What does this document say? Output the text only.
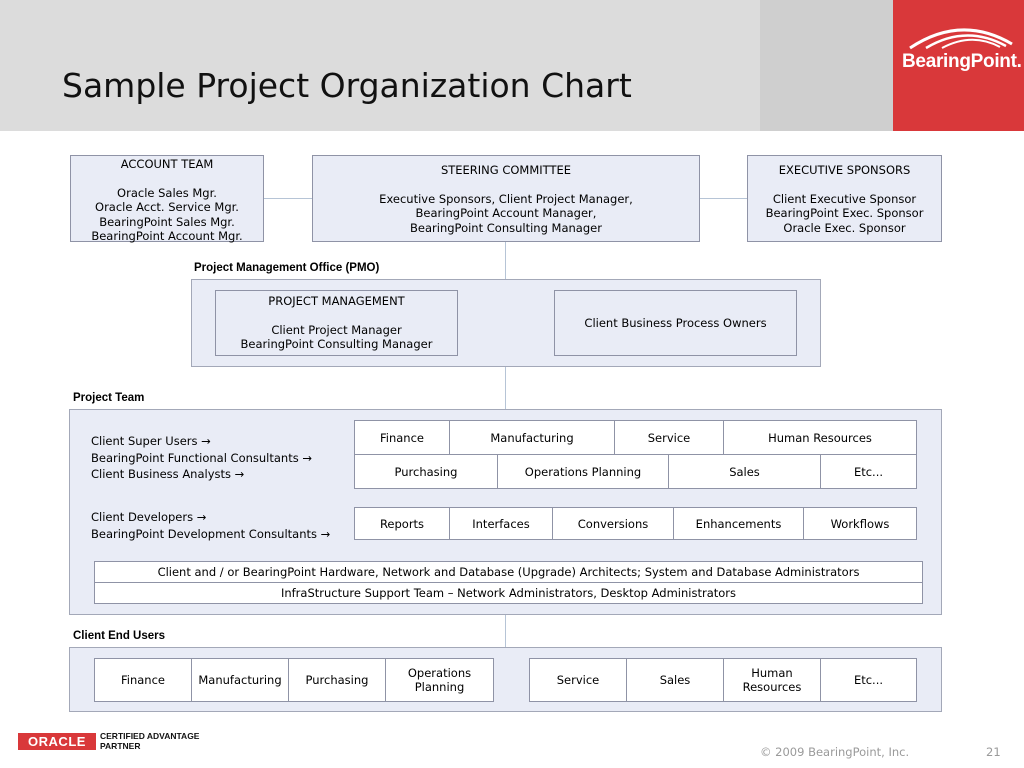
BearingPoint.
Sample Project Organization Chart
ACCOUNT TEAM
Oracle Sales Mgr.
Oracle Acct. Service Mgr.
BearingPoint Sales Mgr.
BearingPoint Account Mgr.
STEERING COMMITTEE
Executive Sponsors, Client Project Manager,
BearingPoint Account Manager,
BearingPoint Consulting Manager
EXECUTIVE SPONSORS
Client Executive Sponsor
BearingPoint Exec. Sponsor
Oracle Exec. Sponsor
Project Management Office (PMO)
PROJECT MANAGEMENT
Client Project Manager
BearingPoint Consulting Manager
Client Business Process Owners
Project Team
Client Super Users →
BearingPoint Functional Consultants →
Client Business Analysts →
Finance	Manufacturing	Service	Human Resources
Purchasing	Operations Planning	Sales	Etc...
Client Developers →
BearingPoint Development Consultants →
Reports	Interfaces	Conversions	Enhancements	Workflows
Client and / or BearingPoint Hardware, Network and Database (Upgrade) Architects; System and Database Administrators
InfraStructure Support Team – Network Administrators, Desktop Administrators
Client End Users
Finance	Manufacturing	Purchasing	Operations Planning	Service	Sales	Human Resources	Etc...
ORACLE	CERTIFIED ADVANTAGE
PARTNER	© 2009 BearingPoint, Inc.	21
